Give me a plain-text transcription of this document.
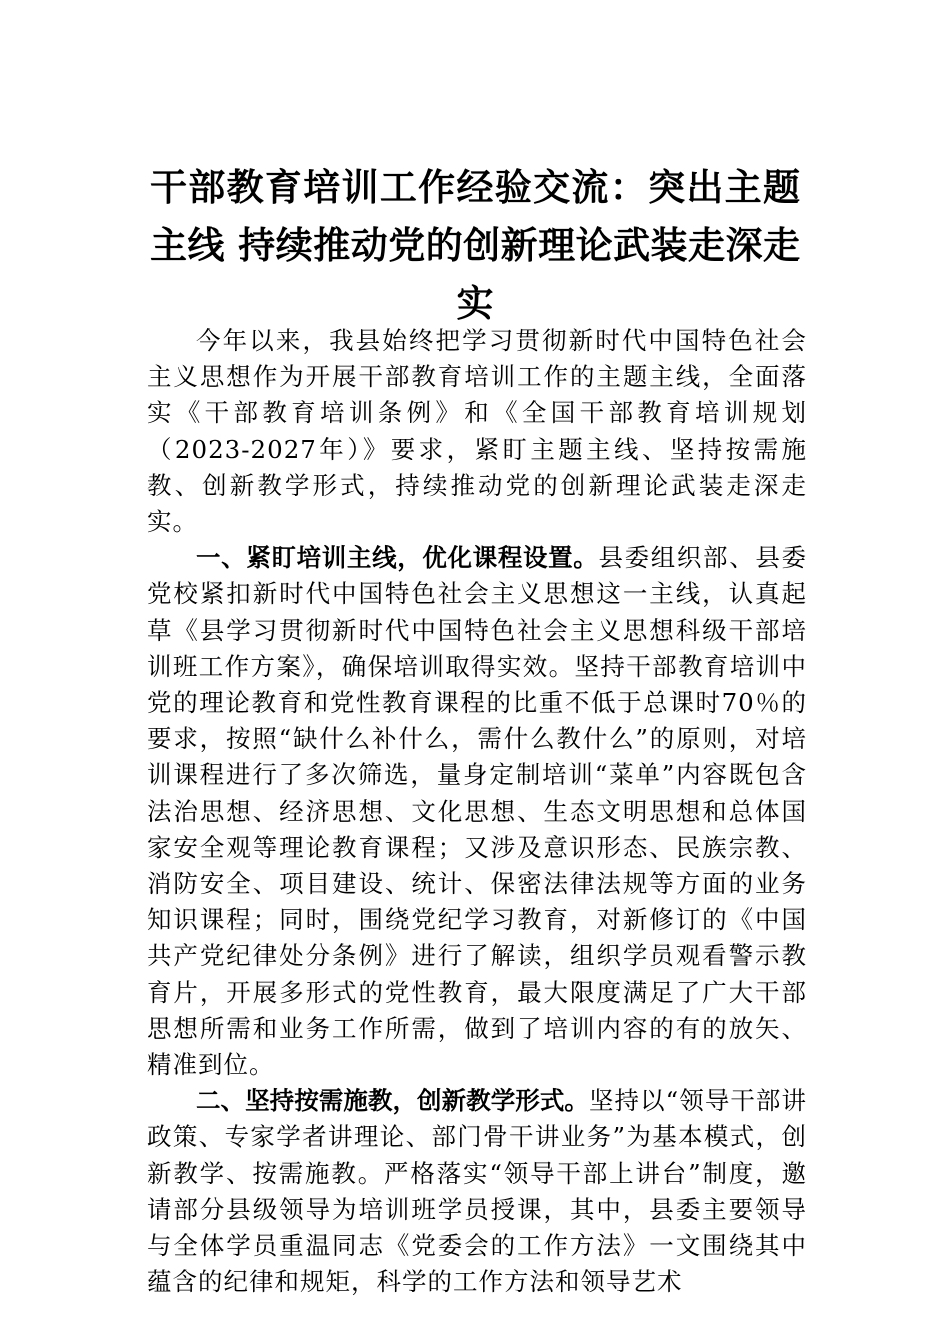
干部教育培训工作经验交流：突出主题主线 持续推动党的创新理论武装走深走实

今年以来，我县始终把学习贯彻新时代中国特色社会主义思想作为开展干部教育培训工作的主题主线，全面落实《干部教育培训条例》和《全国干部教育培训规划（2023-2027年）》要求，紧盯主题主线、坚持按需施教、创新教学形式，持续推动党的创新理论武装走深走实。

一、紧盯培训主线，优化课程设置。县委组织部、县委党校紧扣新时代中国特色社会主义思想这一主线，认真起草《县学习贯彻新时代中国特色社会主义思想科级干部培训班工作方案》，确保培训取得实效。坚持干部教育培训中党的理论教育和党性教育课程的比重不低于总课时70％的要求，按照“缺什么补什么，需什么教什么”的原则，对培训课程进行了多次筛选，量身定制培训“菜单”内容既包含法治思想、经济思想、文化思想、生态文明思想和总体国家安全观等理论教育课程；又涉及意识形态、民族宗教、消防安全、项目建设、统计、保密法律法规等方面的业务知识课程；同时，围绕党纪学习教育，对新修订的《中国共产党纪律处分条例》进行了解读，组织学员观看警示教育片，开展多形式的党性教育，最大限度满足了广大干部思想所需和业务工作所需，做到了培训内容的有的放矢、精准到位。

二、坚持按需施教，创新教学形式。坚持以“领导干部讲政策、专家学者讲理论、部门骨干讲业务”为基本模式，创新教学、按需施教。严格落实“领导干部上讲台”制度，邀请部分县级领导为培训班学员授课，其中，县委主要领导与全体学员重温同志《党委会的工作方法》一文围绕其中蕴含的纪律和规矩，科学的工作方法和领导艺术
